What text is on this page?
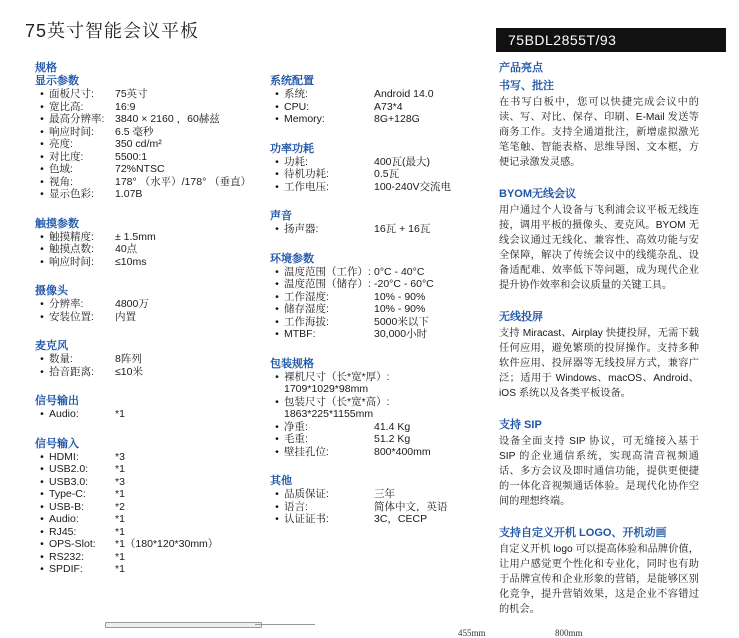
75英寸智能会议平板	75BDL2855T/93
规格
显示参数
• 面板尺寸:	75英寸
• 宽比高:	16:9
• 最高分辨率:	3840 × 2160 ，60赫兹
• 响应时间:	6.5 毫秒
• 亮度:	350 cd/m²
• 对比度:	5500:1
• 色域:	72%NTSC
• 视角:	178° （水平）/178° （垂直）
• 显示色彩:	1.07B
触摸参数
• 触摸精度:	± 1.5mm
• 触摸点数:	40点
• 响应时间:	≤10ms
摄像头
• 分辨率:	4800万
• 安装位置:	内置
麦克风
• 数量:	8阵列
• 拾音距离:	≤10米
信号输出
• Audio:	*1
信号输入
• HDMI:	*3
• USB2.0:	*1
• USB3.0:	*3
• Type-C:	*1
• USB-B:	*2
• Audio:	*1
• RJ45:	*1
• OPS-Slot:	*1（180*120*30mm）
• RS232:	*1
• SPDIF:	*1
系统配置
• 系统:	Android 14.0
• CPU:	A73*4
• Memory:	8G+128G
功率功耗
• 功耗:	400瓦(最大)
• 待机功耗:	0.5瓦
• 工作电压:	100-240V交流电
声音
• 扬声器:	16瓦 + 16瓦
环境参数
• 温度范围（工作）: 0°C - 40°C
• 温度范围（储存）: -20°C - 60°C
• 工作湿度:	10% - 90%
• 储存湿度:	10% - 90%
• 工作海拔:	5000米以下
• MTBF:	30,000小时
包装规格
• 裸机尺寸（长*宽*厚）:
1709*1029*98mm
• 包装尺寸（长*宽*高）:
1863*225*1155mm
• 净重:	41.4 Kg
• 毛重:	51.2 Kg
• 壁挂孔位:	800*400mm
其他
• 品质保证:	三年
• 语言:	简体中文，英语
• 认证证书:	3C，CECP
产品亮点
书写、批注
在书写白板中，您可以快捷完成会议中的读、写、对比、保存、印刷、E-Mail 发送等商务工作。支持全通道批注，新增虚拟激光笔笔触、智能表格、思维导图、文本框，方便记录激发灵感。
BYOM无线会议
用户通过个人设备与飞利浦会议平板无线连接，调用平板的摄像头、麦克风。BYOM 无线会议通过无线化、兼容性、高效功能与安全保障，解决了传统会议中的线缆杂乱、设备适配难、效率低下等问题，成为现代企业提升协作效率和会议质量的关键工具。
无线投屏
支持 Miracast、Airplay 快捷投屏，无需下载任何应用，避免繁琐的投屏操作。支持多种软件应用、投屏器等无线投屏方式，兼容广泛；适用于 Windows、macOS、Android、iOS 系统以及各类平板设备。
支持 SIP
设备全面支持 SIP 协议，可无缝接入基于SIP 的企业通信系统，实现高清音视频通话、多方会议及即时通信功能，提供更便捷的一体化音视频通话体验。是现代化协作空间的理想终端。
支持自定义开机 LOGO、开机动画
自定义开机 logo 可以提高体验和品牌价值，让用户感觉更个性化和专业化，同时也有助于品牌宣传和企业形象的营销，是能够区别化竞争，提升营销效果，这是企业不容错过的机会。
455mm	800mm
